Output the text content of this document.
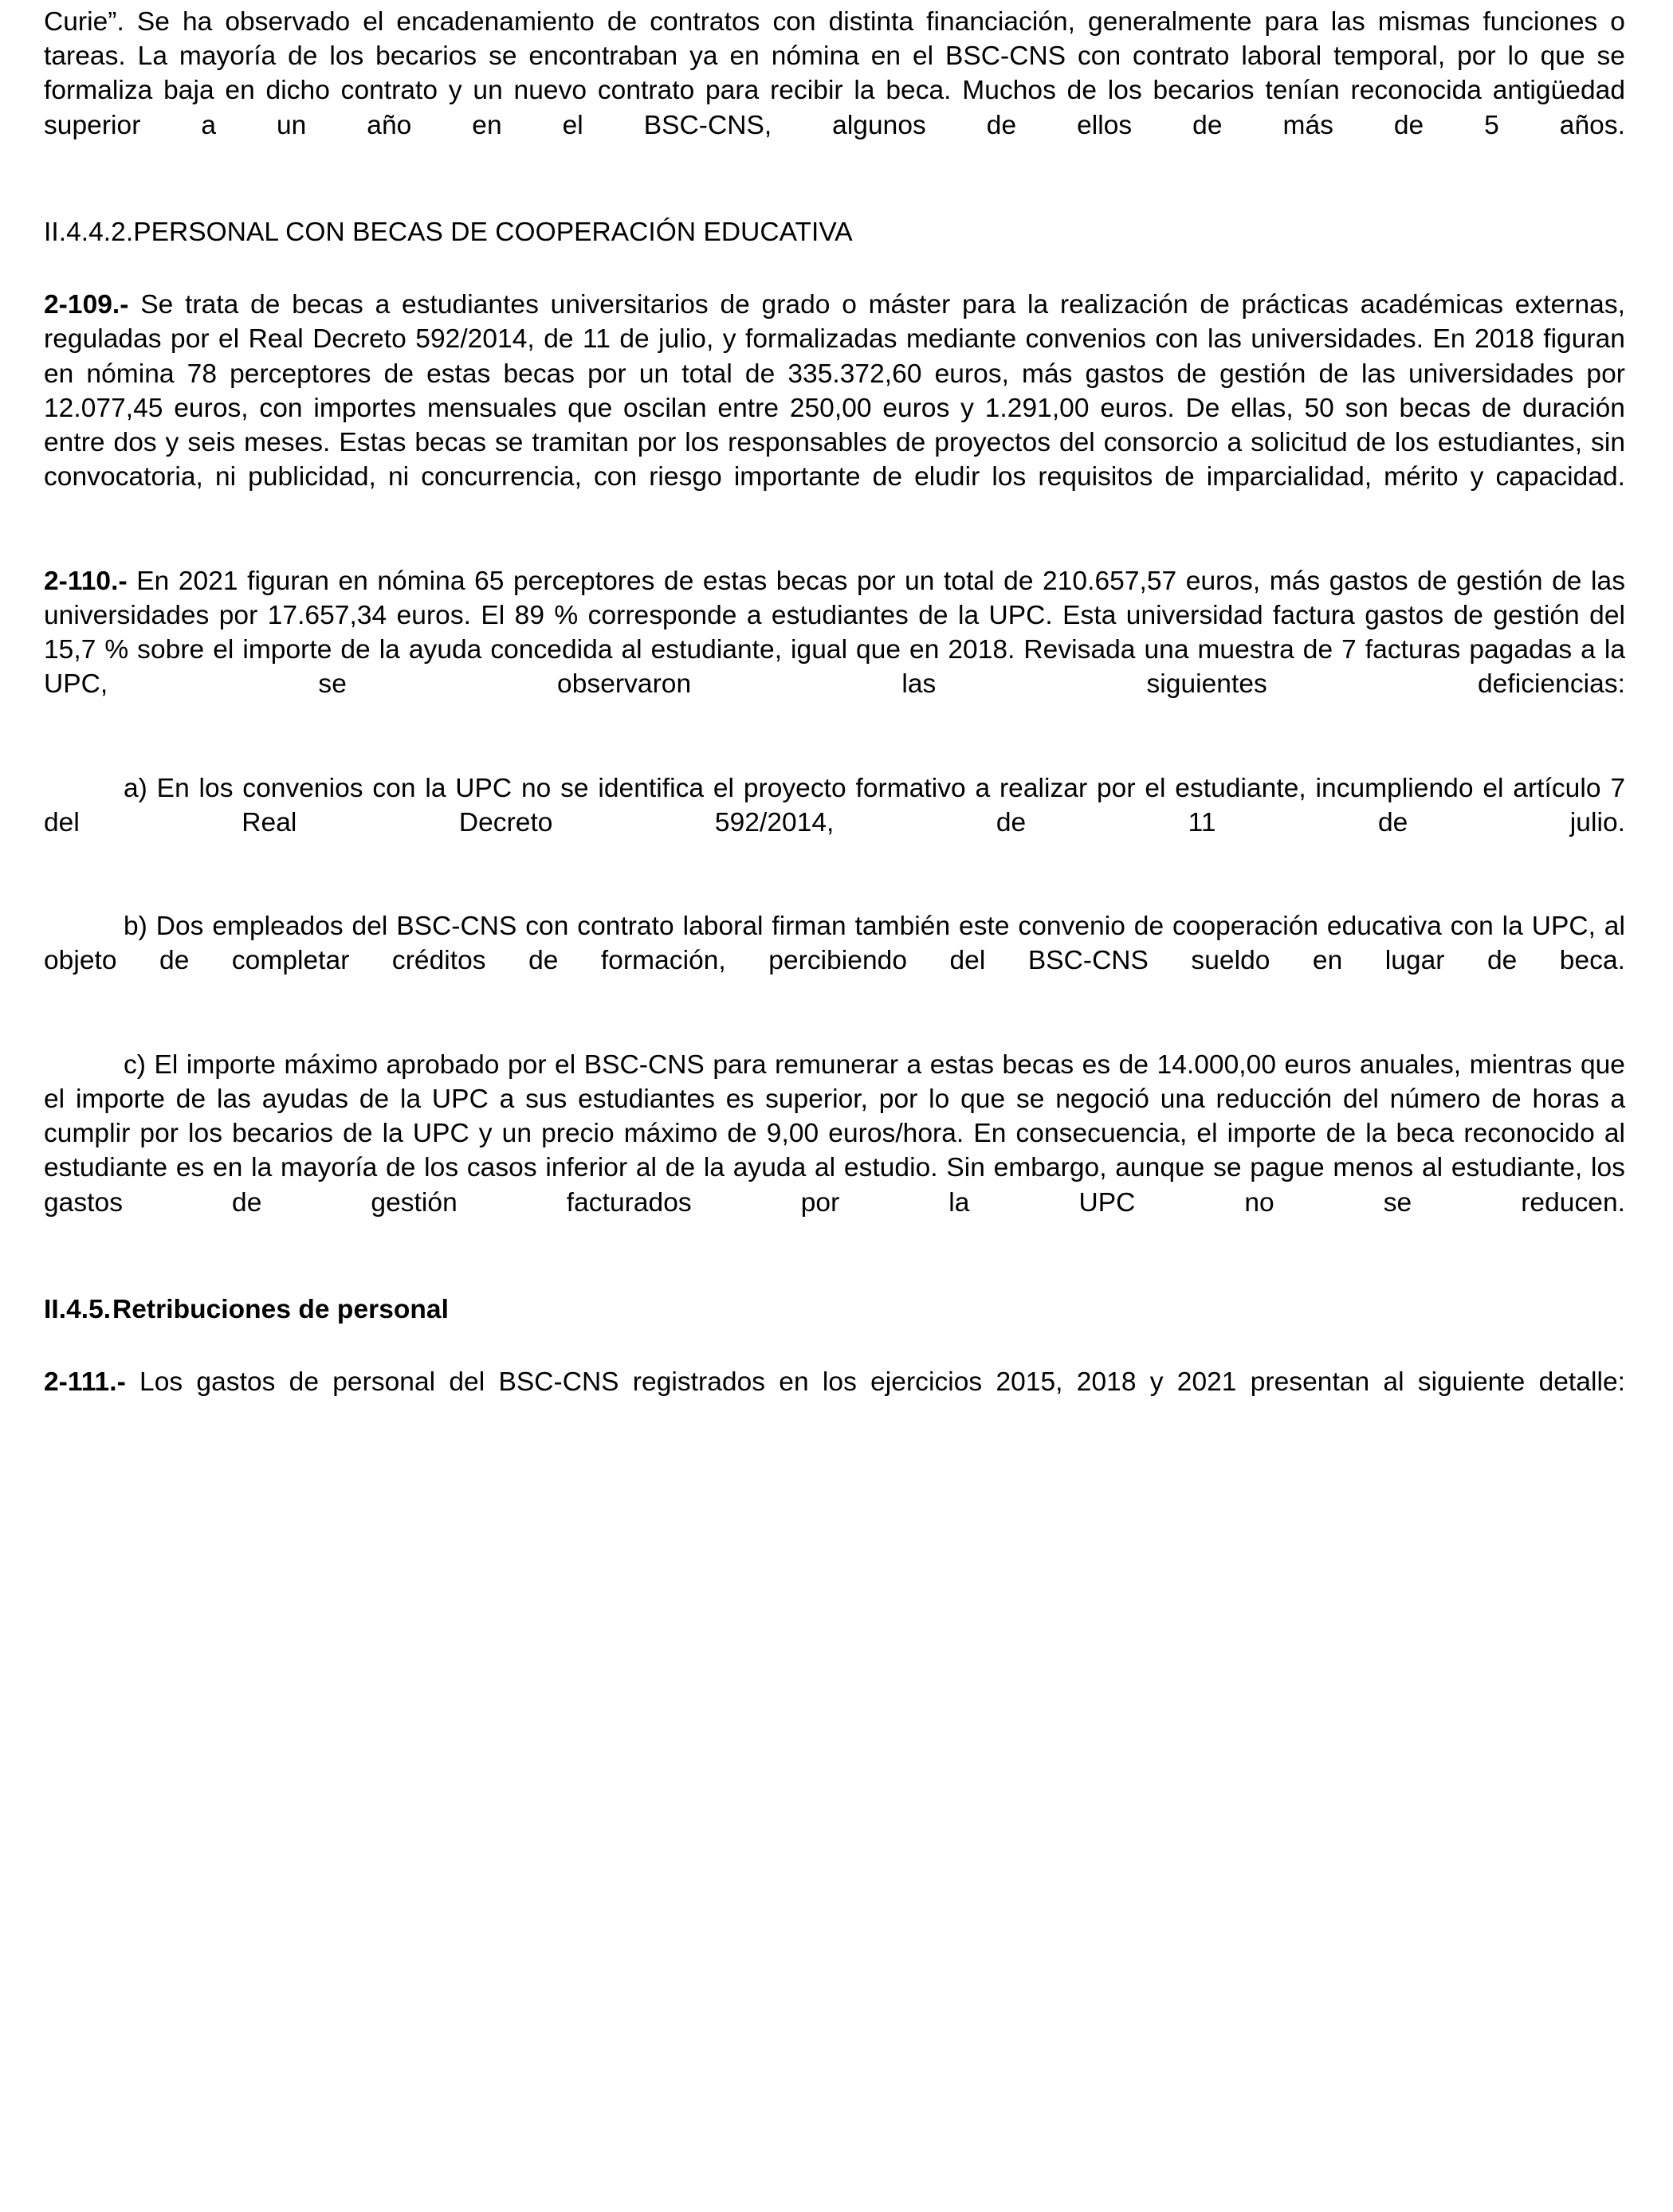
Curie”. Se ha observado el encadenamiento de contratos con distinta financiación, generalmente para las mismas funciones o tareas. La mayoría de los becarios se encontraban ya en nómina en el BSC-CNS con contrato laboral temporal, por lo que se formaliza baja en dicho contrato y un nuevo contrato para recibir la beca. Muchos de los becarios tenían reconocida antigüedad superior a un año en el BSC-CNS, algunos de ellos de más de 5 años.

II.4.4.2.PERSONAL CON BECAS DE COOPERACIÓN EDUCATIVA

2-109.- Se trata de becas a estudiantes universitarios de grado o máster para la realización de prácticas académicas externas, reguladas por el Real Decreto 592/2014, de 11 de julio, y formalizadas mediante convenios con las universidades. En 2018 figuran en nómina 78 perceptores de estas becas por un total de 335.372,60 euros, más gastos de gestión de las universidades por 12.077,45 euros, con importes mensuales que oscilan entre 250,00 euros y 1.291,00 euros. De ellas, 50 son becas de duración entre dos y seis meses. Estas becas se tramitan por los responsables de proyectos del consorcio a solicitud de los estudiantes, sin convocatoria, ni publicidad, ni concurrencia, con riesgo importante de eludir los requisitos de imparcialidad, mérito y capacidad.

2-110.- En 2021 figuran en nómina 65 perceptores de estas becas por un total de 210.657,57 euros, más gastos de gestión de las universidades por 17.657,34 euros. El 89 % corresponde a estudiantes de la UPC. Esta universidad factura gastos de gestión del 15,7 % sobre el importe de la ayuda concedida al estudiante, igual que en 2018. Revisada una muestra de 7 facturas pagadas a la UPC, se observaron las siguientes deficiencias:

a) En los convenios con la UPC no se identifica el proyecto formativo a realizar por el estudiante, incumpliendo el artículo 7 del Real Decreto 592/2014, de 11 de julio.

b) Dos empleados del BSC-CNS con contrato laboral firman también este convenio de cooperación educativa con la UPC, al objeto de completar créditos de formación, percibiendo del BSC-CNS sueldo en lugar de beca.

c) El importe máximo aprobado por el BSC-CNS para remunerar a estas becas es de 14.000,00 euros anuales, mientras que el importe de las ayudas de la UPC a sus estudiantes es superior, por lo que se negoció una reducción del número de horas a cumplir por los becarios de la UPC y un precio máximo de 9,00 euros/hora. En consecuencia, el importe de la beca reconocido al estudiante es en la mayoría de los casos inferior al de la ayuda al estudio. Sin embargo, aunque se pague menos al estudiante, los gastos de gestión facturados por la UPC no se reducen.

II.4.5.Retribuciones de personal

2-111.- Los gastos de personal del BSC-CNS registrados en los ejercicios 2015, 2018 y 2021 presentan al siguiente detalle:
